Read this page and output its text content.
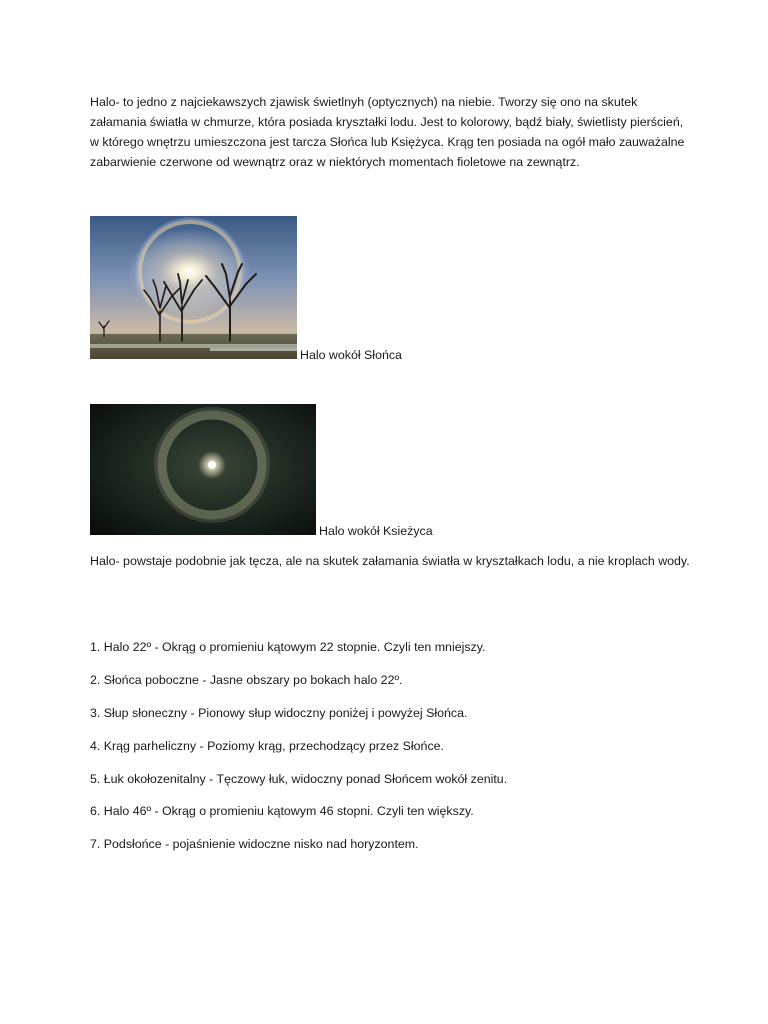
Halo- to jedno z najciekawszych zjawisk świetlnyh (optycznych) na niebie. Tworzy się ono na skutek załamania światła w chmurze, która posiada kryształki lodu. Jest to kolorowy, bądź biały, świetlisty pierścień, w którego wnętrzu umieszczona jest tarcza Słońca lub Księżyca. Krąg ten posiada na ogół mało zauważalne zabarwienie czerwone od wewnątrz oraz w niektórych momentach fioletowe na zewnątrz.

Halo wokół Słońca
Halo wokół Ksieżyca

Halo- powstaje podobnie jak tęcza, ale na skutek załamania światła w kryształkach lodu, a nie kroplach wody.

1. Halo 22º - Okrąg o promieniu kątowym 22 stopnie. Czyli ten mniejszy.

2. Słońca poboczne - Jasne obszary po bokach halo 22º.

3. Słup słoneczny - Pionowy słup widoczny poniżej i powyżej Słońca.

4. Krąg parheliczny - Poziomy krąg, przechodzący przez Słońce.

5. Łuk okołozenitalny - Tęczowy łuk, widoczny ponad Słońcem wokół zenitu.

6. Halo 46º - Okrąg o promieniu kątowym 46 stopni. Czyli ten większy.

7. Podsłońce - pojaśnienie widoczne nisko nad horyzontem.
